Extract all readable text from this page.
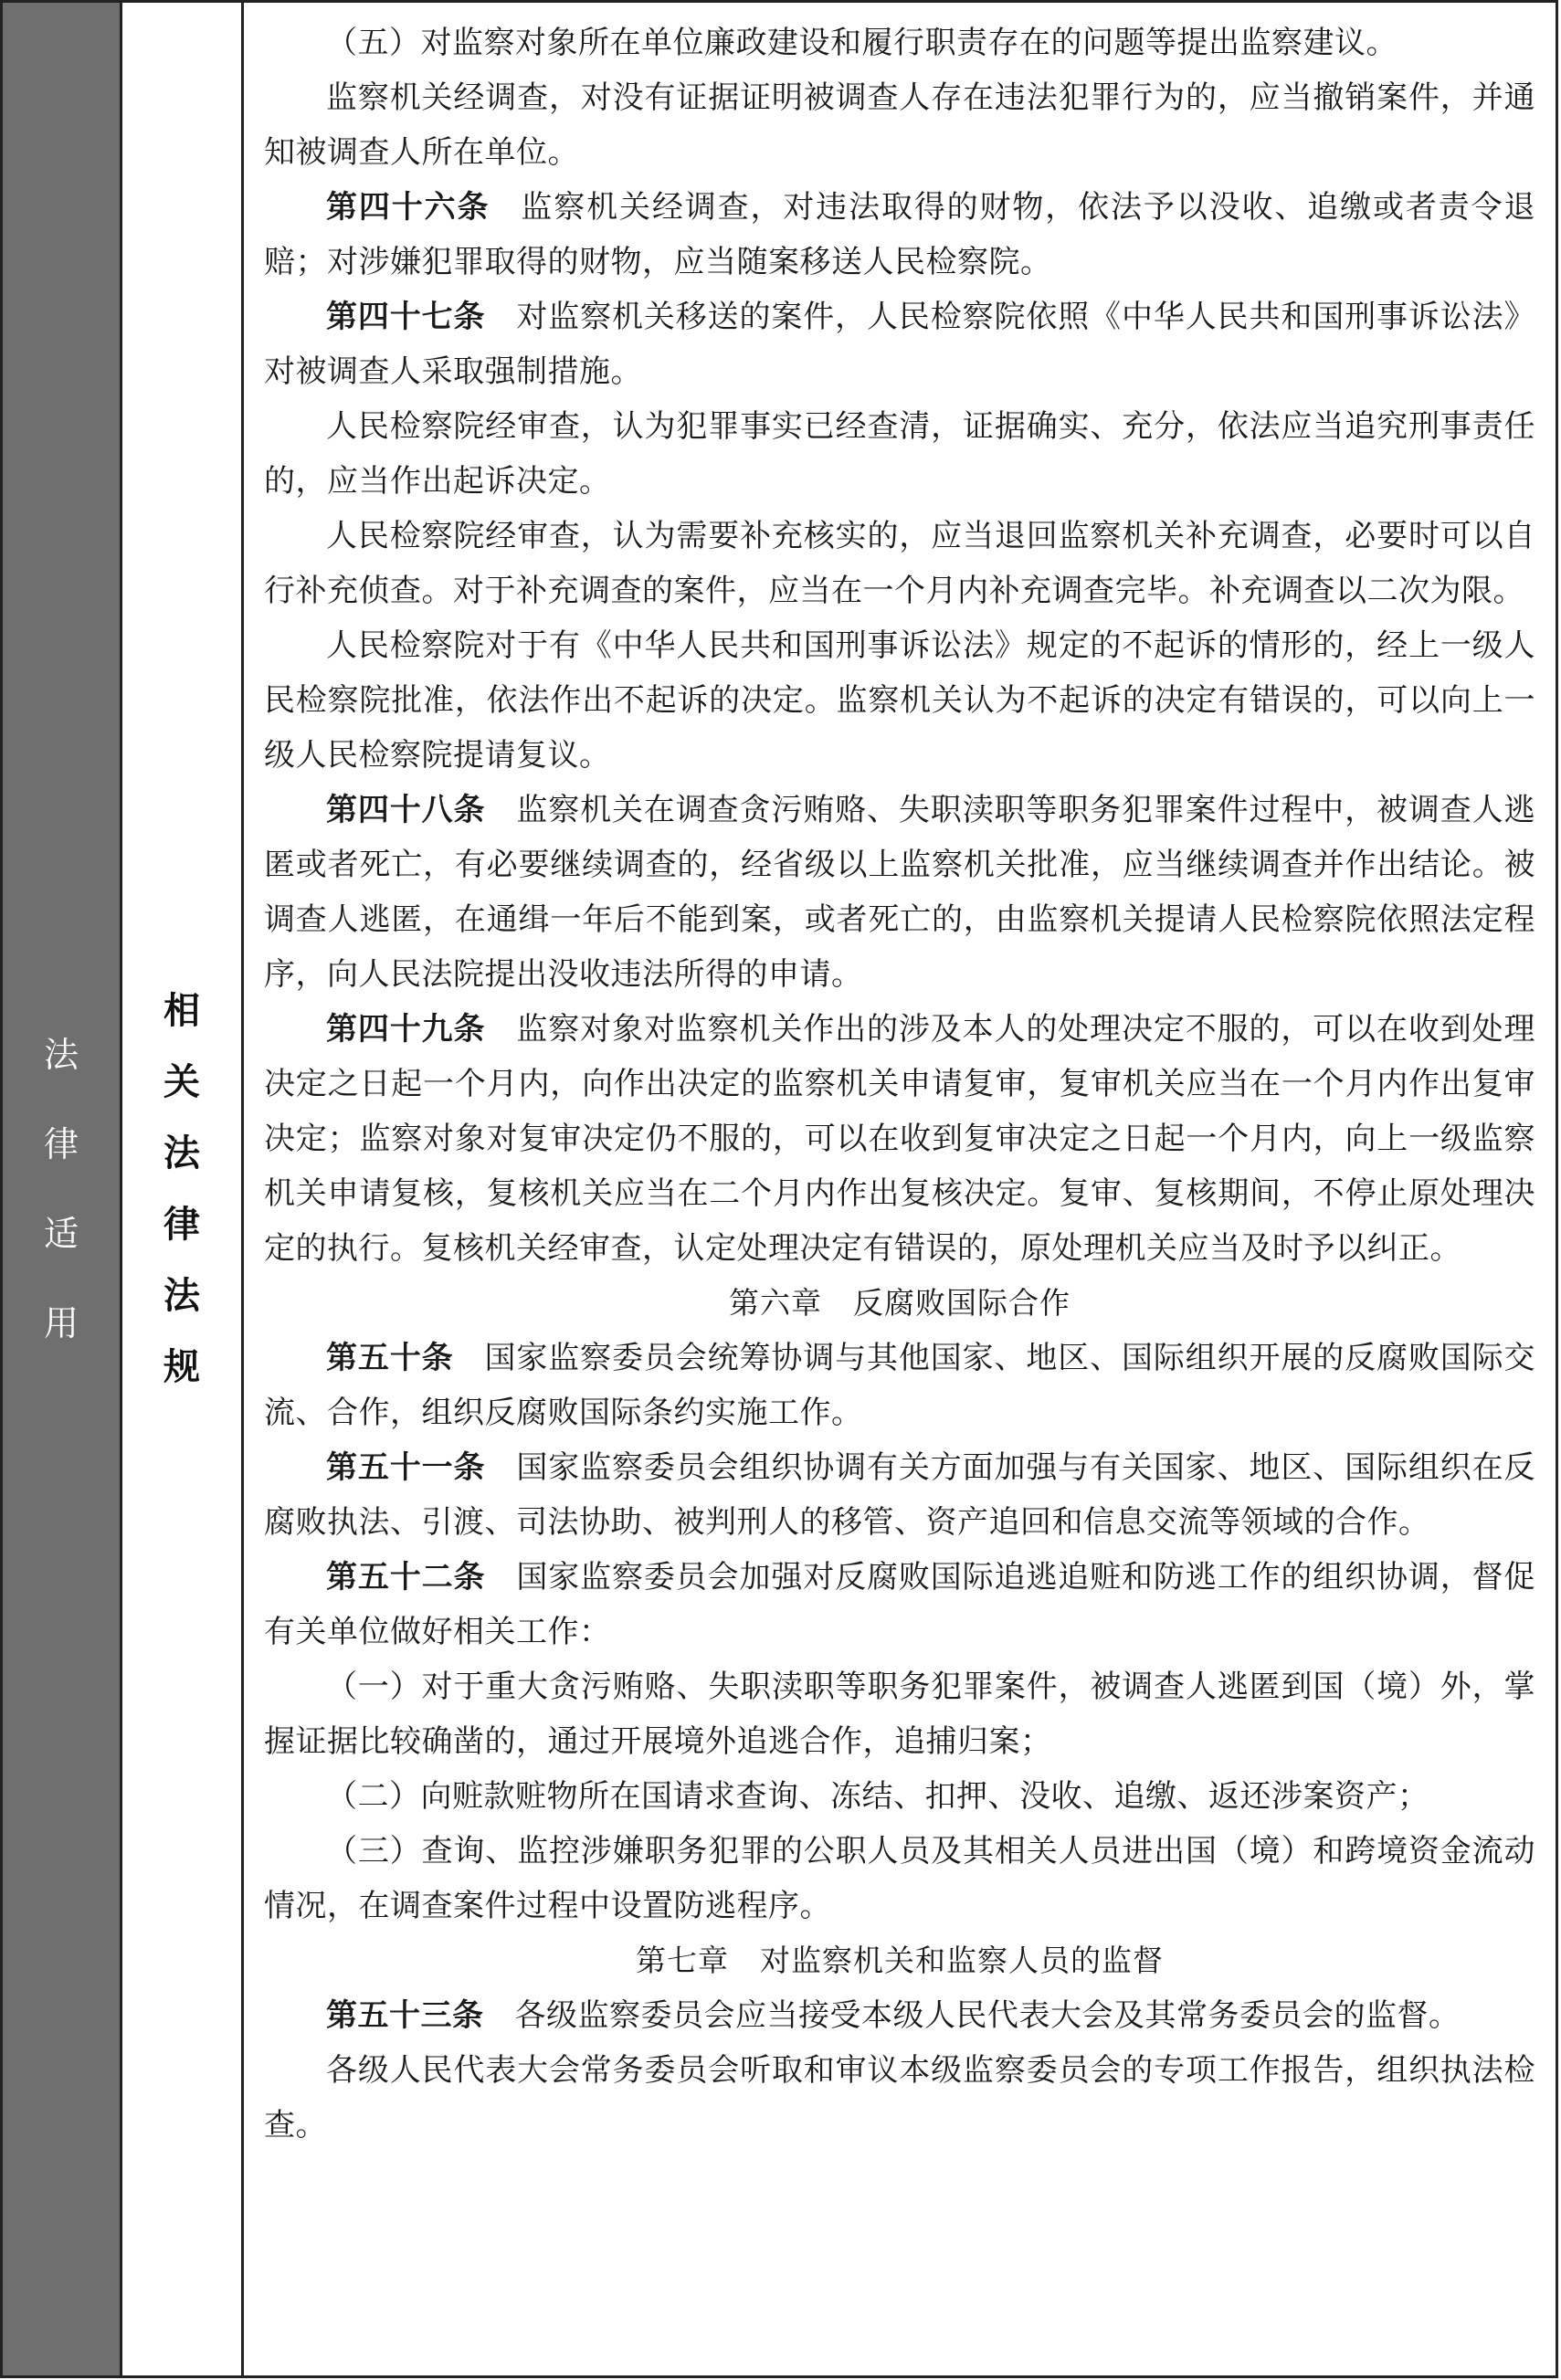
法
律
适
用
相
关
法
律
法
规

（五）对监察对象所在单位廉政建设和履行职责存在的问题等提出监察建议。

监察机关经调查，对没有证据证明被调查人存在违法犯罪行为的，应当撤销案件，并通知被调查人所在单位。

第四十六条 监察机关经调查，对违法取得的财物，依法予以没收、追缴或者责令退赔；对涉嫌犯罪取得的财物，应当随案移送人民检察院。

第四十七条 对监察机关移送的案件，人民检察院依照《中华人民共和国刑事诉讼法》对被调查人采取强制措施。

人民检察院经审查，认为犯罪事实已经查清，证据确实、充分，依法应当追究刑事责任的，应当作出起诉决定。

人民检察院经审查，认为需要补充核实的，应当退回监察机关补充调查，必要时可以自行补充侦查。对于补充调查的案件，应当在一个月内补充调查完毕。补充调查以二次为限。

人民检察院对于有《中华人民共和国刑事诉讼法》规定的不起诉的情形的，经上一级人民检察院批准，依法作出不起诉的决定。监察机关认为不起诉的决定有错误的，可以向上一级人民检察院提请复议。

第四十八条 监察机关在调查贪污贿赂、失职渎职等职务犯罪案件过程中，被调查人逃匿或者死亡，有必要继续调查的，经省级以上监察机关批准，应当继续调查并作出结论。被调查人逃匿，在通缉一年后不能到案，或者死亡的，由监察机关提请人民检察院依照法定程序，向人民法院提出没收违法所得的申请。

第四十九条 监察对象对监察机关作出的涉及本人的处理决定不服的，可以在收到处理决定之日起一个月内，向作出决定的监察机关申请复审，复审机关应当在一个月内作出复审决定；监察对象对复审决定仍不服的，可以在收到复审决定之日起一个月内，向上一级监察机关申请复核，复核机关应当在二个月内作出复核决定。复审、复核期间，不停止原处理决定的执行。复核机关经审查，认定处理决定有错误的，原处理机关应当及时予以纠正。

第六章　反腐败国际合作

第五十条 国家监察委员会统筹协调与其他国家、地区、国际组织开展的反腐败国际交流、合作，组织反腐败国际条约实施工作。

第五十一条 国家监察委员会组织协调有关方面加强与有关国家、地区、国际组织在反腐败执法、引渡、司法协助、被判刑人的移管、资产追回和信息交流等领域的合作。

第五十二条 国家监察委员会加强对反腐败国际追逃追赃和防逃工作的组织协调，督促有关单位做好相关工作：

（一）对于重大贪污贿赂、失职渎职等职务犯罪案件，被调查人逃匿到国（境）外，掌握证据比较确凿的，通过开展境外追逃合作，追捕归案；

（二）向赃款赃物所在国请求查询、冻结、扣押、没收、追缴、返还涉案资产；

（三）查询、监控涉嫌职务犯罪的公职人员及其相关人员进出国（境）和跨境资金流动情况，在调查案件过程中设置防逃程序。

第七章　对监察机关和监察人员的监督

第五十三条 各级监察委员会应当接受本级人民代表大会及其常务委员会的监督。

各级人民代表大会常务委员会听取和审议本级监察委员会的专项工作报告，组织执法检查。
